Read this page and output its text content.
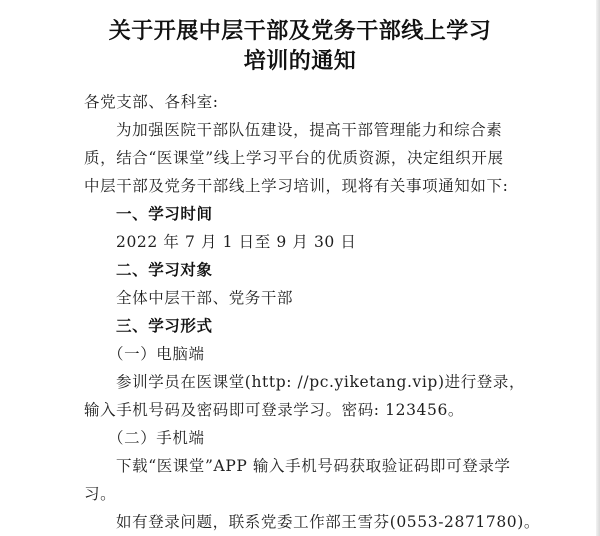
关于开展中层干部及党务干部线上学习
培训的通知
各党支部、各科室:
为加强医院干部队伍建设，提高干部管理能力和综合素
质，结合“医课堂”线上学习平台的优质资源，决定组织开展
中层干部及党务干部线上学习培训，现将有关事项通知如下:
一、学习时间
2022 年 7 月 1 日至 9 月 30 日
二、学习对象
全体中层干部、党务干部
三、学习形式
（一）电脑端
参训学员在医课堂(http: //pc.yiketang.vip)进行登录，
输入手机号码及密码即可登录学习。密码: 123456。
（二）手机端
下载“医课堂”APP 输入手机号码获取验证码即可登录学
习。
如有登录问题，联系党委工作部王雪芬(0553-2871780)。
